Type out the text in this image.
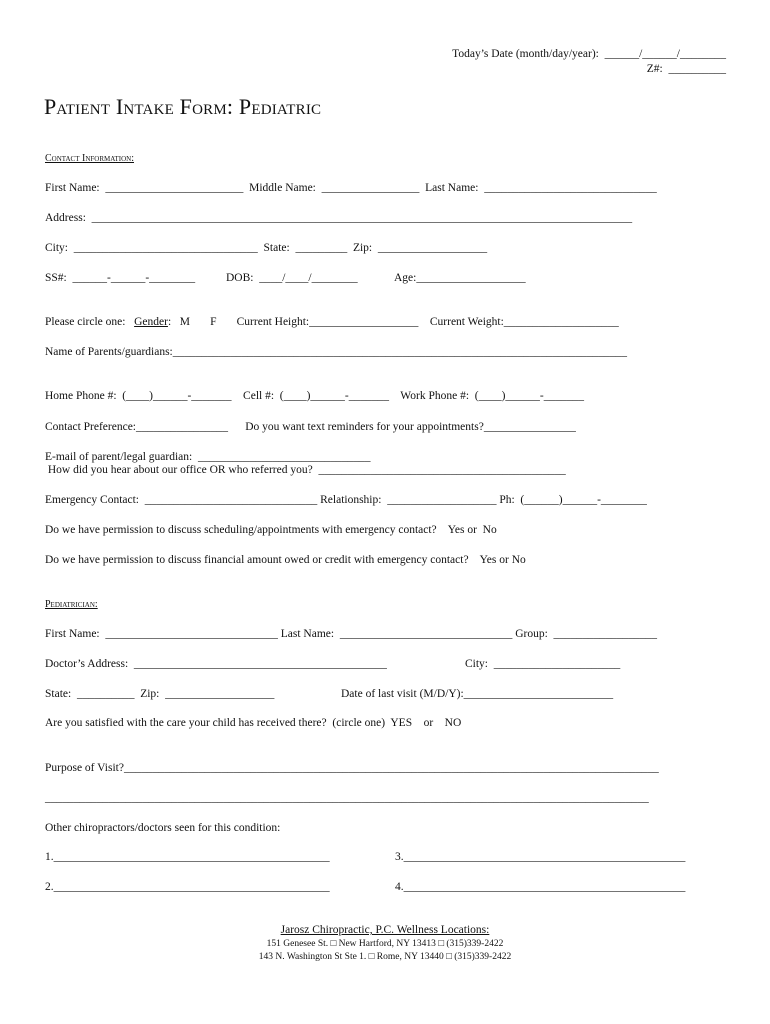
Today’s Date (month/day/year):  ______/______/________
Z#:  __________
Patient Intake Form: Pediatric
Contact Information:
First Name:  ________________________  Middle Name:  _________________  Last Name:  ______________________________
Address:  ______________________________________________________________________________________________
City:  ________________________________  State:  _________  Zip:  ___________________
SS#:  ______-______-________	DOB:  ____/____/________	Age:___________________
Please circle one:   Gender:   M       F       Current Height:___________________    Current Weight:____________________
Name of Parents/guardians:_______________________________________________________________________________
Home Phone #:  (____)______-_______    Cell #:  (____)______-_______    Work Phone #:  (____)______-_______
Contact Preference:________________      Do you want text reminders for your appointments?________________
E-mail of parent/legal guardian:  ______________________________
How did you hear about our office OR who referred you?  ___________________________________________
Emergency Contact:  ______________________________ Relationship:  ___________________ Ph:  (______)______-________
Do we have permission to discuss scheduling/appointments with emergency contact?    Yes or  No
Do we have permission to discuss financial amount owed or credit with emergency contact?    Yes or No
Pediatrician:
First Name:  ______________________________ Last Name:  ______________________________ Group:  __________________
Doctor’s Address:  ____________________________________________	City:  ______________________
State:  __________  Zip:  ___________________	Date of last visit (M/D/Y):__________________________
Are you satisfied with the care your child has received there?  (circle one)  YES    or    NO
Purpose of Visit?_____________________________________________________________________________________________
_________________________________________________________________________________________________________
Other chiropractors/doctors seen for this condition:
1.________________________________________________	3._________________________________________________
2.________________________________________________	4._________________________________________________
Jarosz Chiropractic, P.C. Wellness Locations:
151 Genesee St. □ New Hartford, NY 13413 □ (315)339-2422
143 N. Washington St Ste 1. □ Rome, NY 13440 □ (315)339-2422
